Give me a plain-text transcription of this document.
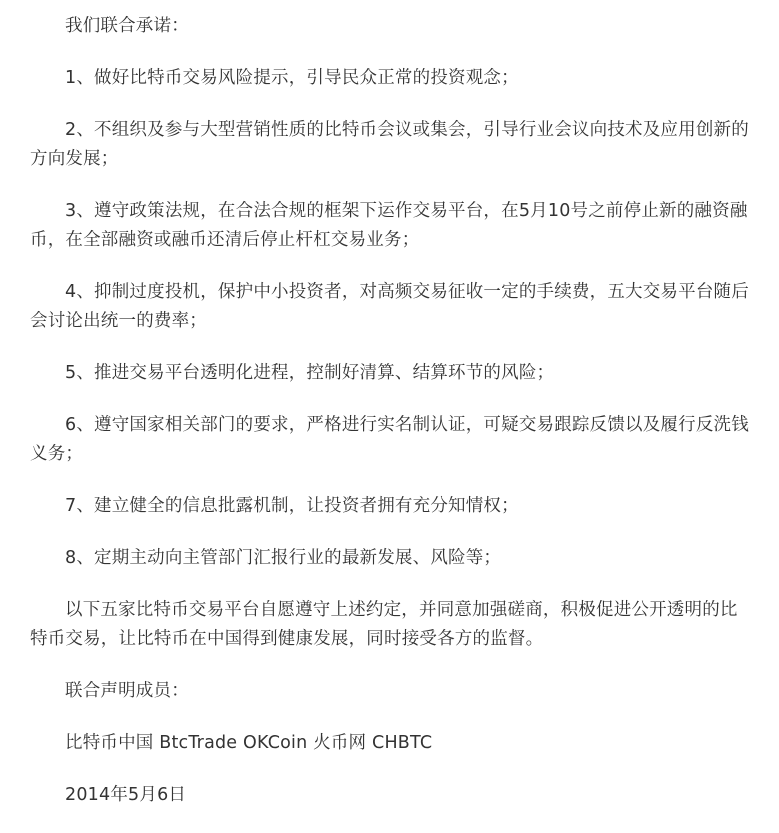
我们联合承诺：

1、做好比特币交易风险提示，引导民众正常的投资观念；

2、不组织及参与大型营销性质的比特币会议或集会，引导行业会议向技术及应用创新的方向发展；

3、遵守政策法规，在合法合规的框架下运作交易平台，在5月10号之前停止新的融资融币，在全部融资或融币还清后停止杆杠交易业务；

4、抑制过度投机，保护中小投资者，对高频交易征收一定的手续费，五大交易平台随后会讨论出统一的费率；

5、推进交易平台透明化进程，控制好清算、结算环节的风险；

6、遵守国家相关部门的要求，严格进行实名制认证，可疑交易跟踪反馈以及履行反洗钱义务；

7、建立健全的信息批露机制，让投资者拥有充分知情权；

8、定期主动向主管部门汇报行业的最新发展、风险等；

以下五家比特币交易平台自愿遵守上述约定，并同意加强磋商，积极促进公开透明的比特币交易，让比特币在中国得到健康发展，同时接受各方的监督。

联合声明成员：

比特币中国 BtcTrade OKCoin 火币网 CHBTC

2014年5月6日
